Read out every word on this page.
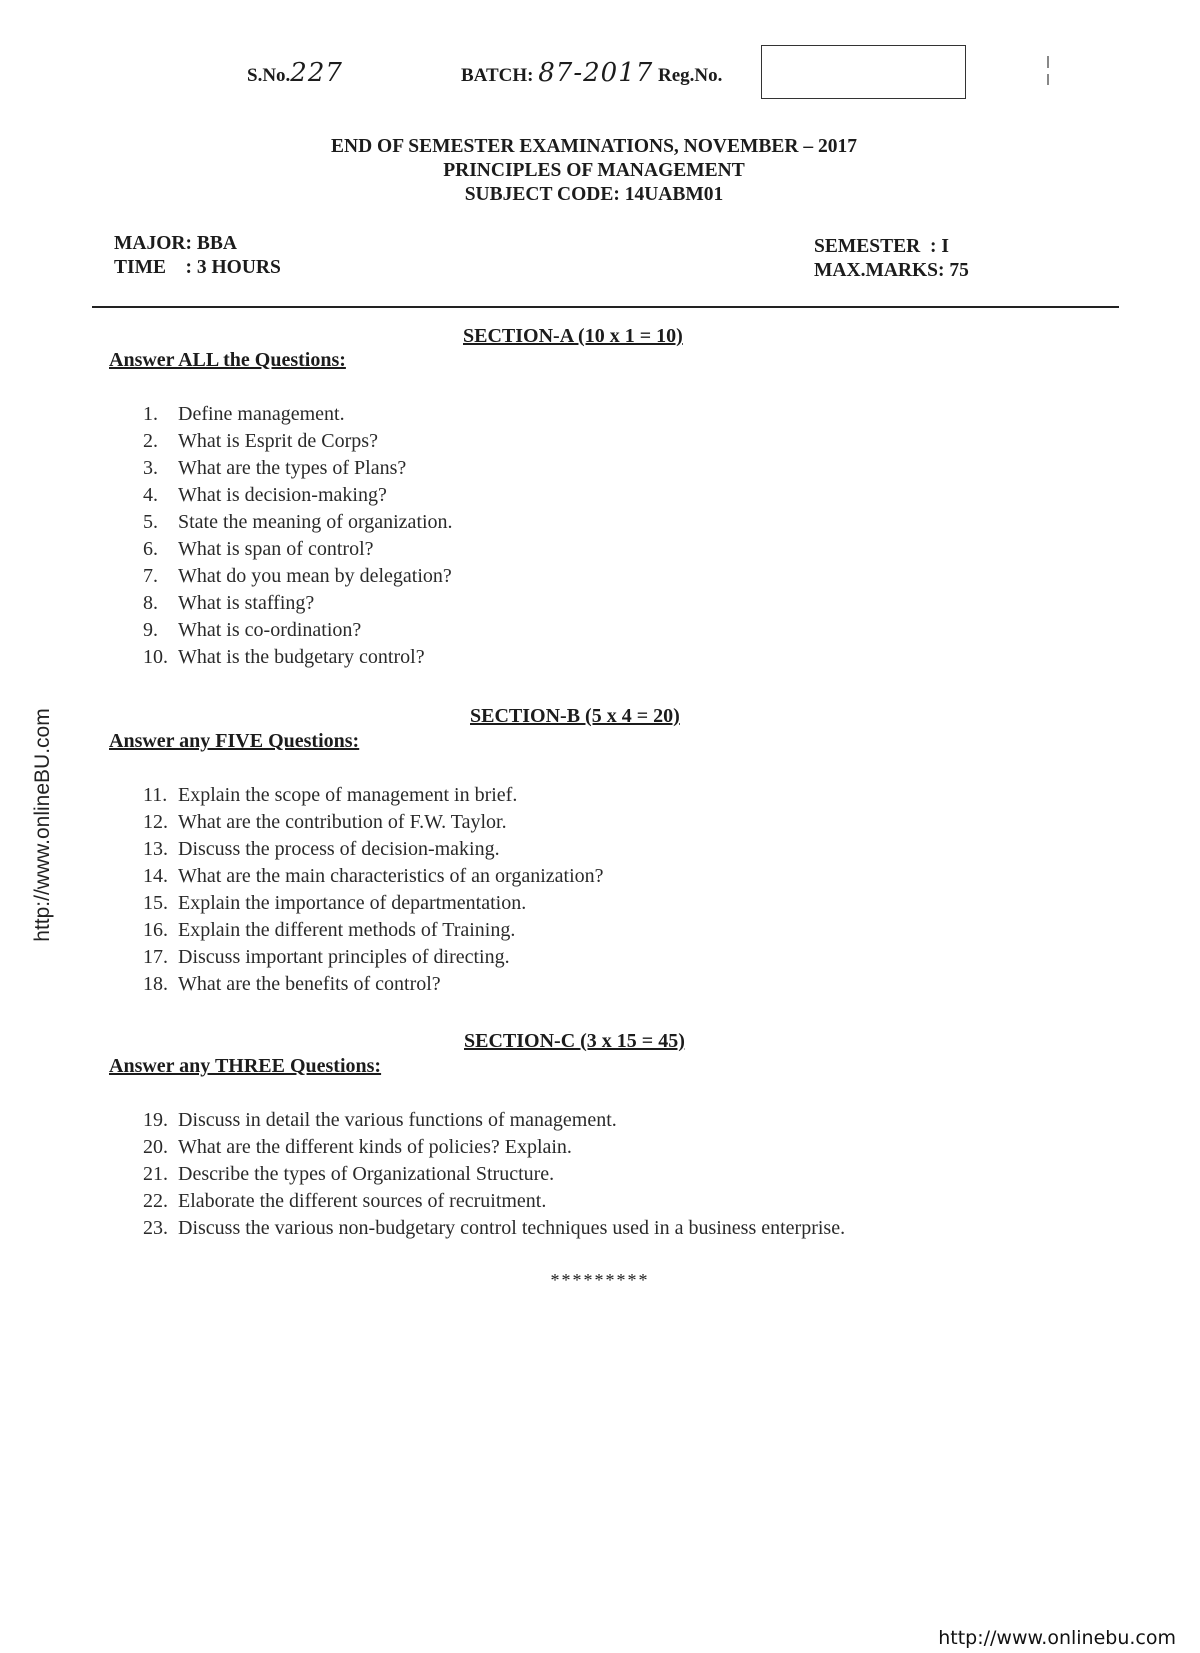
S.No.227	BATCH: 87-2017 Reg.No.
END OF SEMESTER EXAMINATIONS, NOVEMBER – 2017
PRINCIPLES OF MANAGEMENT
SUBJECT CODE: 14UABM01
MAJOR: BBA
TIME    : 3 HOURS
SEMESTER  : I
MAX.MARKS: 75
SECTION-A (10 x 1 = 10)
Answer ALL the Questions:
1. Define management.
2. What is Esprit de Corps?
3. What are the types of Plans?
4. What is decision-making?
5. State the meaning of organization.
6. What is span of control?
7. What do you mean by delegation?
8. What is staffing?
9. What is co-ordination?
10. What is the budgetary control?
SECTION-B (5 x 4 = 20)
Answer any FIVE Questions:
11. Explain the scope of management in brief.
12. What are the contribution of F.W. Taylor.
13. Discuss the process of decision-making.
14. What are the main characteristics of an organization?
15. Explain the importance of departmentation.
16. Explain the different methods of Training.
17. Discuss important principles of directing.
18. What are the benefits of control?
SECTION-C (3 x 15 = 45)
Answer any THREE Questions:
19. Discuss in detail the various functions of management.
20. What are the different kinds of policies? Explain.
21. Describe the types of Organizational Structure.
22. Elaborate the different sources of recruitment.
23. Discuss the various non-budgetary control techniques used in a business enterprise.
*********
http://www.onlineBU.com
http://www.onlinebu.com
